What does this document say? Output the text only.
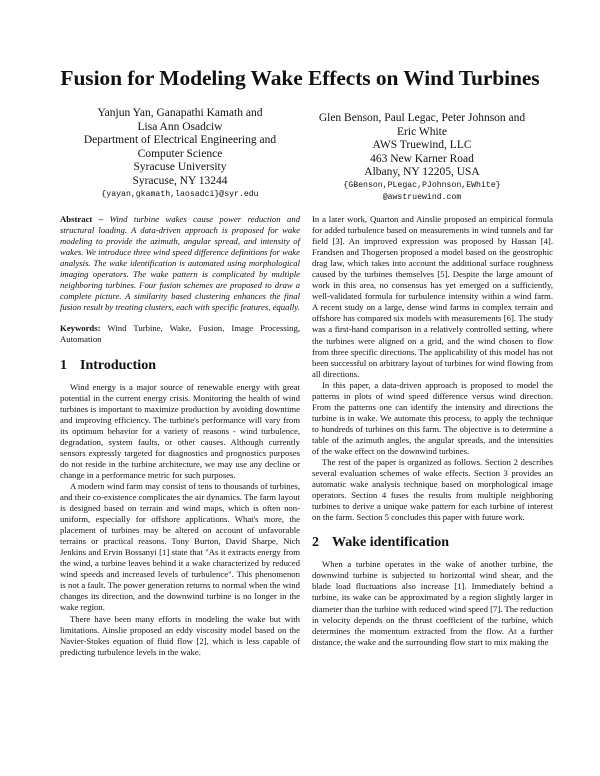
Fusion for Modeling Wake Effects on Wind Turbines
Yanjun Yan, Ganapathi Kamath and
Lisa Ann Osadciw
Department of Electrical Engineering and
Computer Science
Syracuse University
Syracuse, NY 13244
{yayan,gkamath,laosadci}@syr.edu
Glen Benson, Paul Legac, Peter Johnson and
Eric White
AWS Truewind, LLC
463 New Karner Road
Albany, NY 12205, USA
{GBenson,PLegac,PJohnson,EWhite}
@awstruewind.com

Abstract – Wind turbine wakes cause power reduction and structural loading. A data-driven approach is proposed for wake modeling to provide the azimuth, angular spread, and intensity of wakes. We introduce three wind speed difference definitions for wake analysis. The wake identification is automated using morphological imaging operators. The wake pattern is complicated by multiple neighboring turbines. Four fusion schemes are proposed to draw a complete picture. A similarity based clustering enhances the final fusion result by treating clusters, each with specific features, equally.

Keywords: Wind Turbine, Wake, Fusion, Image Processing, Automation

1 Introduction

Wind energy is a major source of renewable energy with great potential in the current energy crisis. Monitoring the health of wind turbines is important to maximize production by avoiding downtime and improving efficiency. The turbine's performance will vary from its optimum behavior for a variety of reasons - wind turbulence, degradation, system faults, or other causes. Although currently sensors expressly targeted for diagnostics and prognostics purposes do not reside in the turbine architecture, we may use any decline or change in a performance metric for such purposes.

A modern wind farm may consist of tens to thousands of turbines, and their co-existence complicates the air dynamics. The farm layout is designed based on terrain and wind maps, which is often non-uniform, especially for offshore applications. What's more, the placement of turbines may be altered on account of unfavorable terrains or practical reasons. Tony Burton, David Sharpe, Nich Jenkins and Ervin Bossanyi [1] state that "As it extracts energy from the wind, a turbine leaves behind it a wake characterized by reduced wind speeds and increased levels of turbulence". This phenomenon is not a fault. The power generation returns to normal when the wind changes its direction, and the downwind turbine is no longer in the wake region.

There have been many efforts in modeling the wake but with limitations. Ainslie proposed an eddy viscosity model based on the Navier-Stokes equation of fluid flow [2], which is less capable of predicting turbulence levels in the wake.

In a later work, Quarton and Ainslie proposed an empirical formula for added turbulence based on measurements in wind tunnels and far field [3]. An improved expression was proposed by Hassan [4]. Frandsen and Thogersen proposed a model based on the geostrophic drag law, which takes into account the additional surface roughness caused by the turbines themselves [5]. Despite the large amount of work in this area, no consensus has yet emerged on a sufficiently, well-validated formula for turbulence intensity within a wind farm. A recent study on a large, dense wind farms in complex terrain and offshore has compared six models with measurements [6]. The study was a first-hand comparison in a relatively controlled setting, where the turbines were aligned on a grid, and the wind chosen to flow from three specific directions. The applicability of this model has not been successful on arbitrary layout of turbines for wind flowing from all directions.

In this paper, a data-driven approach is proposed to model the patterns in plots of wind speed difference versus wind direction. From the patterns one can identify the intensity and directions the turbine is in wake. We automate this process, to apply the technique to hundreds of turbines on this farm. The objective is to determine a table of the azimuth angles, the angular spreads, and the intensities of the wake effect on the downwind turbines.

The rest of the paper is organized as follows. Section 2 describes several evaluation schemes of wake effects. Section 3 provides an automatic wake analysis technique based on morphological image operators. Section 4 fuses the results from multiple neighboring turbines to derive a unique wake pattern for each turbine of interest on the farm. Section 5 concludes this paper with future work.

2 Wake identification

When a turbine operates in the wake of another turbine, the downwind turbine is subjected to horizontal wind shear, and the blade load fluctuations also increase [1]. Immediately behind a turbine, its wake can be approximated by a region slightly larger in diameter than the turbine with reduced wind speed [7]. The reduction in velocity depends on the thrust coefficient of the turbine, which determines the momentum extracted from the flow. At a further distance, the wake and the surrounding flow start to mix making the
